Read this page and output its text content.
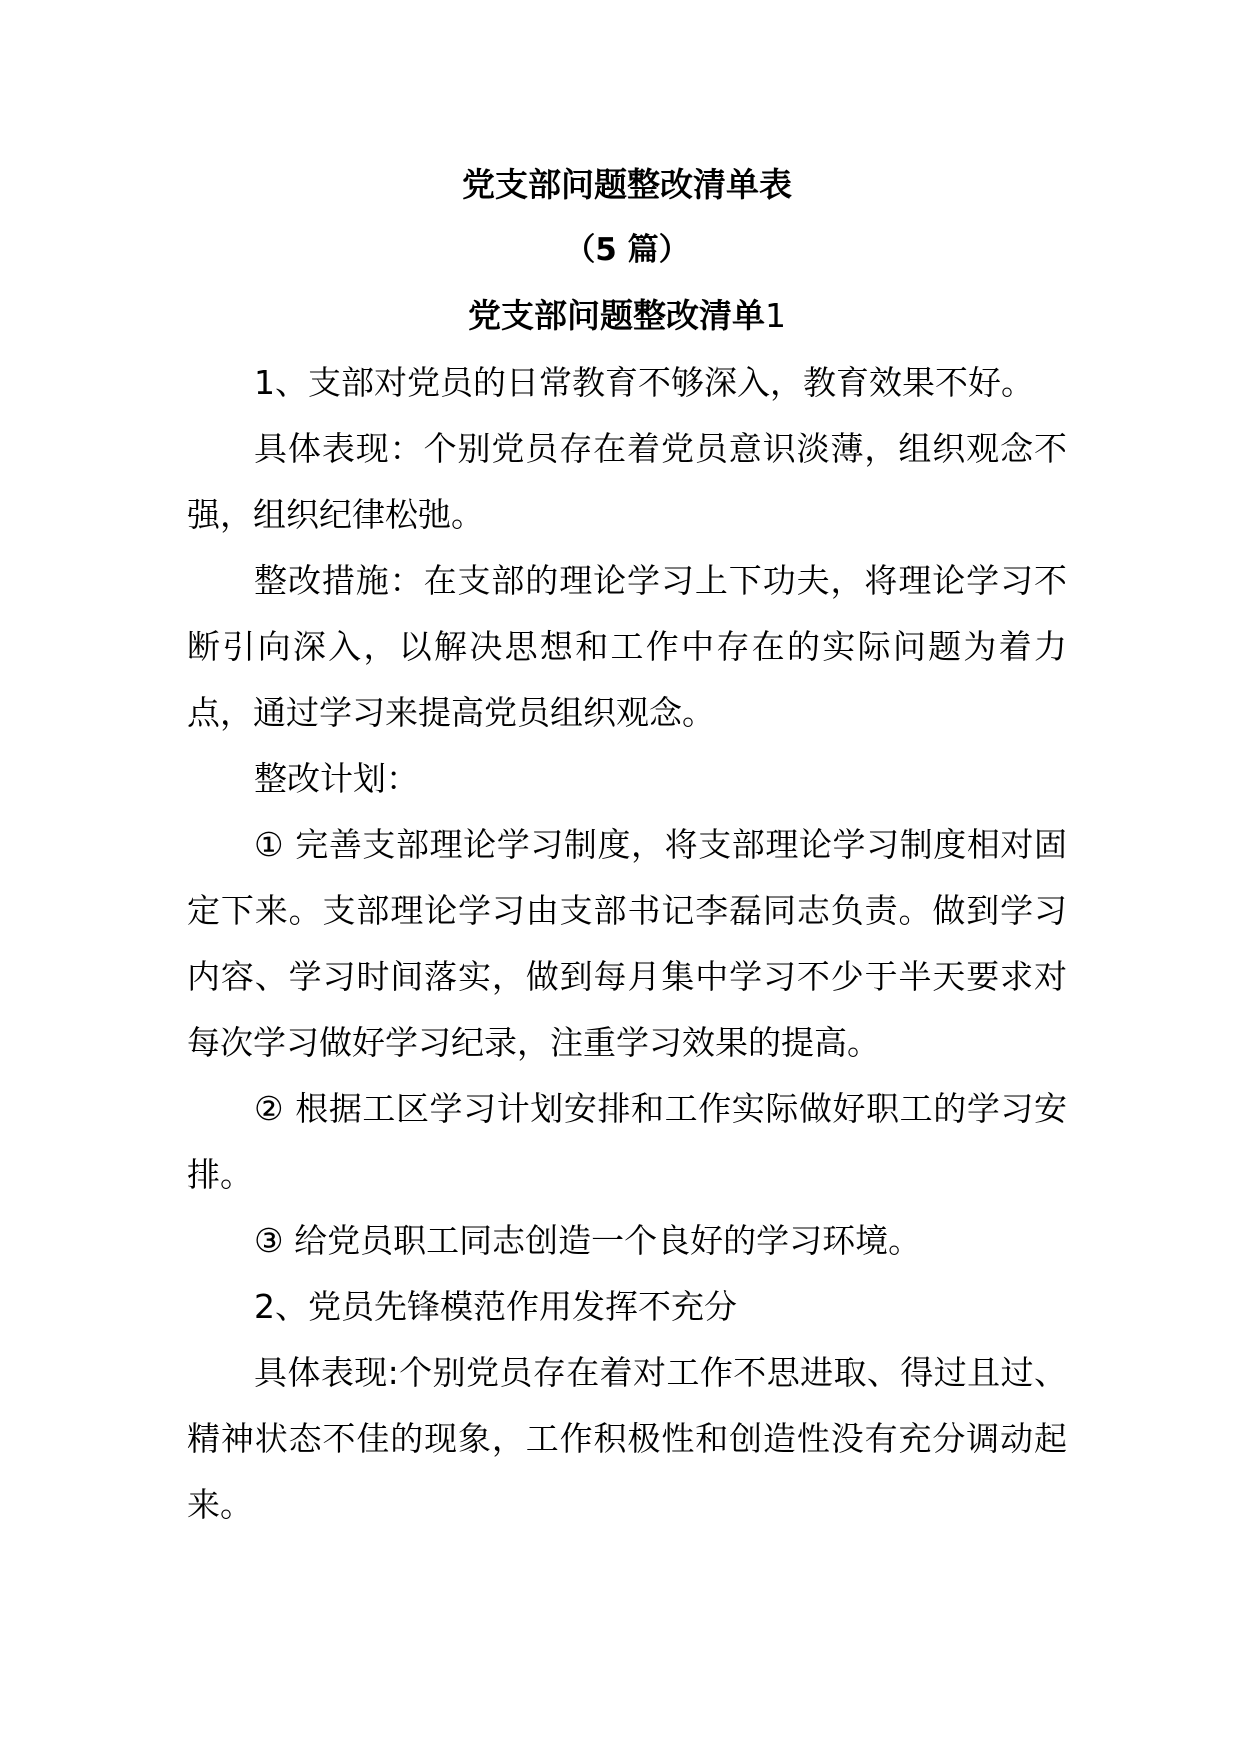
党支部问题整改清单表

（5 篇）

党支部问题整改清单1

1、支部对党员的日常教育不够深入，教育效果不好。

具体表现：个别党员存在着党员意识淡薄，组织观念不强，组织纪律松弛。

整改措施：在支部的理论学习上下功夫，将理论学习不断引向深入，以解决思想和工作中存在的实际问题为着力点，通过学习来提高党员组织观念。

整改计划：

① 完善支部理论学习制度，将支部理论学习制度相对固定下来。支部理论学习由支部书记李磊同志负责。做到学习内容、学习时间落实，做到每月集中学习不少于半天要求对每次学习做好学习纪录，注重学习效果的提高。

② 根据工区学习计划安排和工作实际做好职工的学习安排。

③ 给党员职工同志创造一个良好的学习环境。

2、党员先锋模范作用发挥不充分

具体表现:个别党员存在着对工作不思进取、得过且过、精神状态不佳的现象，工作积极性和创造性没有充分调动起来。
